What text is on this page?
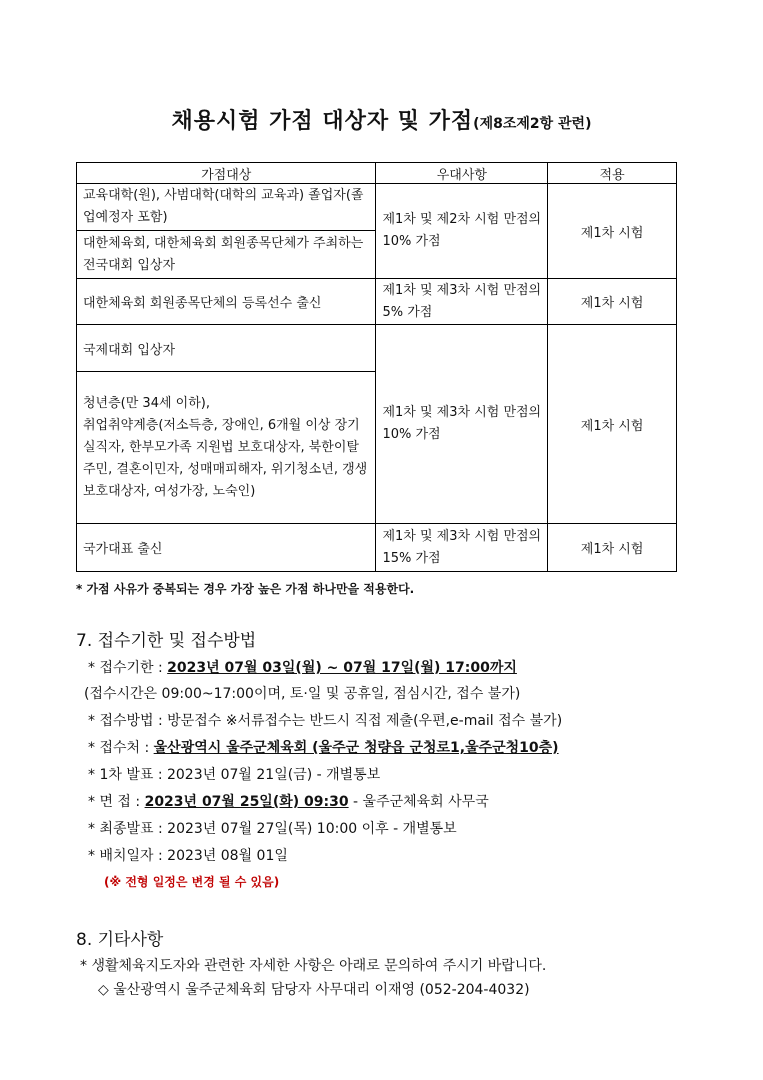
채용시험 가점 대상자 및 가점(제8조제2항 관련)
가점대상	우대사항	적용
교육대학(원), 사범대학(대학의 교육과) 졸업자(졸업예정자 포함)	제1차 및 제2차 시험 만점의 10% 가점	제1차 시험
대한체육회, 대한체육회 회원종목단체가 주최하는 전국대회 입상자		
대한체육회 회원종목단체의 등록선수 출신	제1차 및 제3차 시험 만점의 5% 가점	제1차 시험
국제대회 입상자	제1차 및 제3차 시험 만점의 10% 가점	제1차 시험

청년층(만 34세 이하),
취업취약계층(저소득층, 장애인, 6개월 이상 장기실직자, 한부모가족 지원법 보호대상자, 북한이탈주민, 결혼이민자, 성매매피해자, 위기청소년, 갱생보호대상자, 여성가장, 노숙인)		

국가대표 출신	제1차 및 제3차 시험 만점의 15% 가점	제1차 시험
* 가점 사유가 중복되는 경우 가장 높은 가점 하나만을 적용한다.
7. 접수기한 및 접수방법
* 접수기한 : 2023년 07월 03일(월) ~ 07월 17일(월) 17:00까지
(접수시간은 09:00~17:00이며, 토·일 및 공휴일, 점심시간, 접수 불가)
* 접수방법 : 방문접수 ※서류접수는 반드시 직접 제출(우편,e-mail 접수 불가)
* 접수처 : 울산광역시 울주군체육회 (울주군 청량읍 군청로1,울주군청10층)
* 1차 발표 : 2023년 07월 21일(금) - 개별통보
* 면 접 : 2023년 07월 25일(화) 09:30 - 울주군체육회 사무국
* 최종발표 : 2023년 07월 27일(목) 10:00 이후 - 개별통보
* 배치일자 : 2023년 08월 01일
(※ 전형 일정은 변경 될 수 있음)
8. 기타사항
* 생활체육지도자와 관련한 자세한 사항은 아래로 문의하여 주시기 바랍니다.
◇ 울산광역시 울주군체육회 담당자 사무대리 이재영 (052-204-4032)
